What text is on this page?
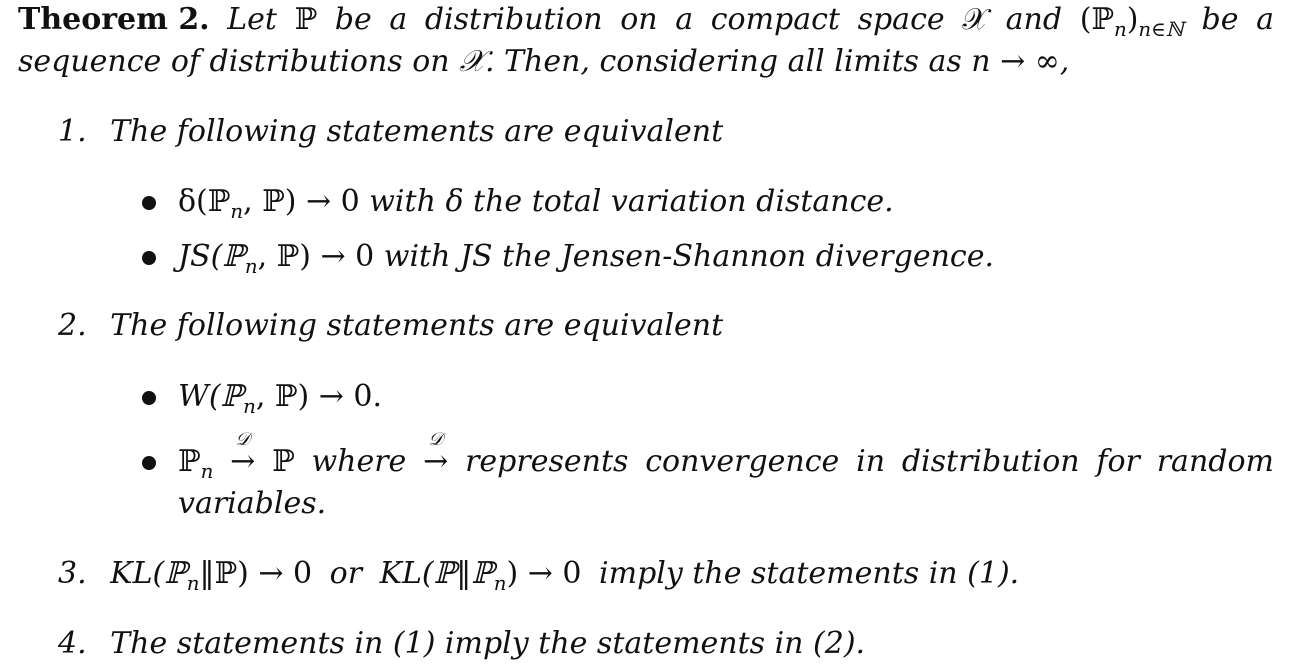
Theorem 2. Let ℙ be a distribution on a compact space 𝒳 and $(ℙ_n)_{n\in ℕ}$ be a
sequence of distributions on 𝒳. Then, considering all limits as n → ∞,
1. The following statements are equivalent
δ(ℙ$_n$, ℙ) → 0 with δ the total variation distance.
JS(ℙ$_n$, ℙ) → 0 with JS the Jensen-Shannon divergence.
2. The following statements are equivalent
W(ℙ$_n$, ℙ) → 0.
ℙ$_n$
𝒟
→ ℙ where
𝒟
→ represents convergence in distribution for random
variables.
3. KL(ℙ$_n$‖ℙ) → 0 or KL(ℙ‖ℙ$_n$) → 0 imply the statements in (1).
4. The statements in (1) imply the statements in (2).
